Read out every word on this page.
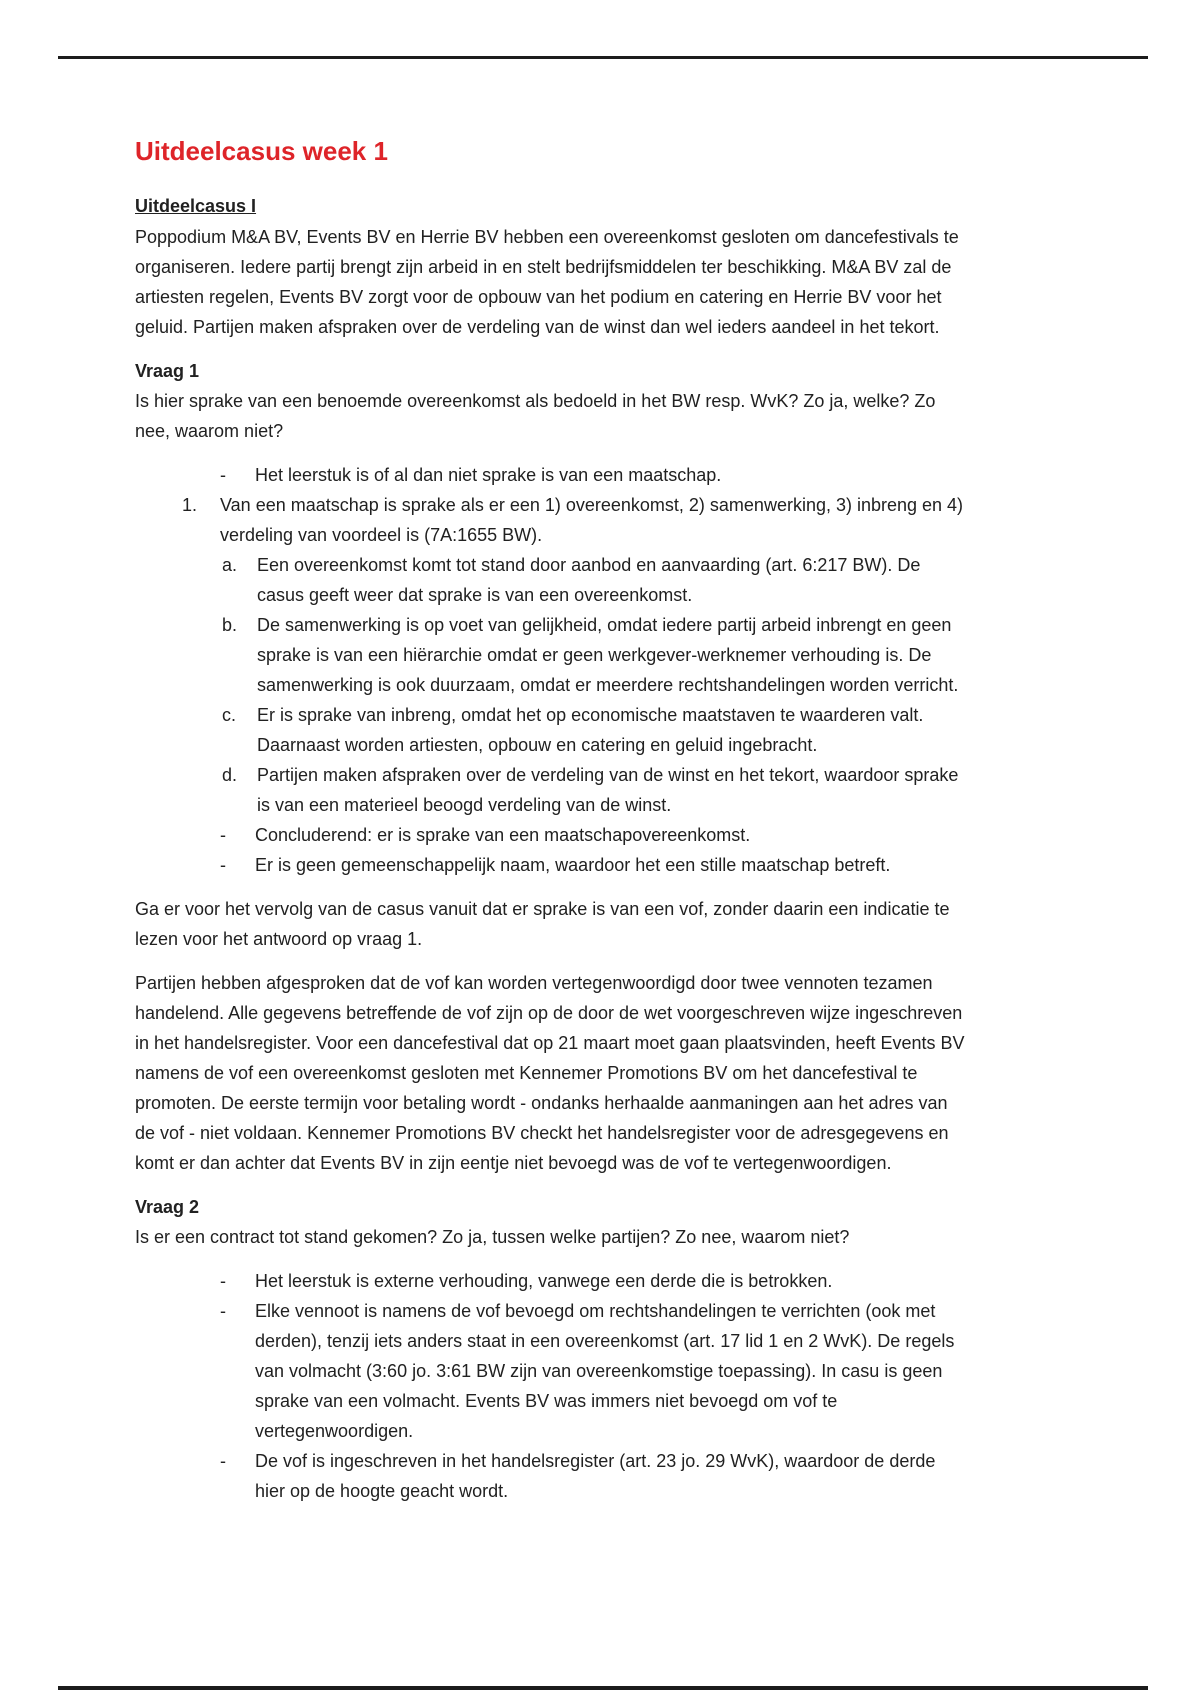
Uitdeelcasus week 1
Uitdeelcasus I

Poppodium M&A BV, Events BV en Herrie BV hebben een overeenkomst gesloten om dancefestivals te organiseren. Iedere partij brengt zijn arbeid in en stelt bedrijfsmiddelen ter beschikking. M&A BV zal de artiesten regelen, Events BV zorgt voor de opbouw van het podium en catering en Herrie BV voor het geluid. Partijen maken afspraken over de verdeling van de winst dan wel ieders aandeel in het tekort.

Vraag 1

Is hier sprake van een benoemde overeenkomst als bedoeld in het BW resp. WvK? Zo ja, welke? Zo nee, waarom niet?

-	Het leerstuk is of al dan niet sprake is van een maatschap.
1.	Van een maatschap is sprake als er een 1) overeenkomst, 2) samenwerking, 3) inbreng en 4) verdeling van voordeel is (7A:1655 BW).
a.	Een overeenkomst komt tot stand door aanbod en aanvaarding (art. 6:217 BW). De casus geeft weer dat sprake is van een overeenkomst.
b.	De samenwerking is op voet van gelijkheid, omdat iedere partij arbeid inbrengt en geen sprake is van een hiërarchie omdat er geen werkgever-werknemer verhouding is. De samenwerking is ook duurzaam, omdat er meerdere rechtshandelingen worden verricht.
c.	Er is sprake van inbreng, omdat het op economische maatstaven te waarderen valt. Daarnaast worden artiesten, opbouw en catering en geluid ingebracht.
d.	Partijen maken afspraken over de verdeling van de winst en het tekort, waardoor sprake is van een materieel beoogd verdeling van de winst.
-	Concluderend: er is sprake van een maatschapovereenkomst.
-	Er is geen gemeenschappelijk naam, waardoor het een stille maatschap betreft.

Ga er voor het vervolg van de casus vanuit dat er sprake is van een vof, zonder daarin een indicatie te lezen voor het antwoord op vraag 1.

Partijen hebben afgesproken dat de vof kan worden vertegenwoordigd door twee vennoten tezamen handelend. Alle gegevens betreffende de vof zijn op de door de wet voorgeschreven wijze ingeschreven in het handelsregister. Voor een dancefestival dat op 21 maart moet gaan plaatsvinden, heeft Events BV namens de vof een overeenkomst gesloten met Kennemer Promotions BV om het dancefestival te promoten. De eerste termijn voor betaling wordt - ondanks herhaalde aanmaningen aan het adres van de vof - niet voldaan. Kennemer Promotions BV checkt het handelsregister voor de adresgegevens en komt er dan achter dat Events BV in zijn eentje niet bevoegd was de vof te vertegenwoordigen.

Vraag 2

Is er een contract tot stand gekomen? Zo ja, tussen welke partijen? Zo nee, waarom niet?

-	Het leerstuk is externe verhouding, vanwege een derde die is betrokken.
-	Elke vennoot is namens de vof bevoegd om rechtshandelingen te verrichten (ook met derden), tenzij iets anders staat in een overeenkomst (art. 17 lid 1 en 2 WvK). De regels van volmacht (3:60 jo. 3:61 BW zijn van overeenkomstige toepassing). In casu is geen sprake van een volmacht. Events BV was immers niet bevoegd om vof te vertegenwoordigen.
-	De vof is ingeschreven in het handelsregister (art. 23 jo. 29 WvK), waardoor de derde hier op de hoogte geacht wordt.
